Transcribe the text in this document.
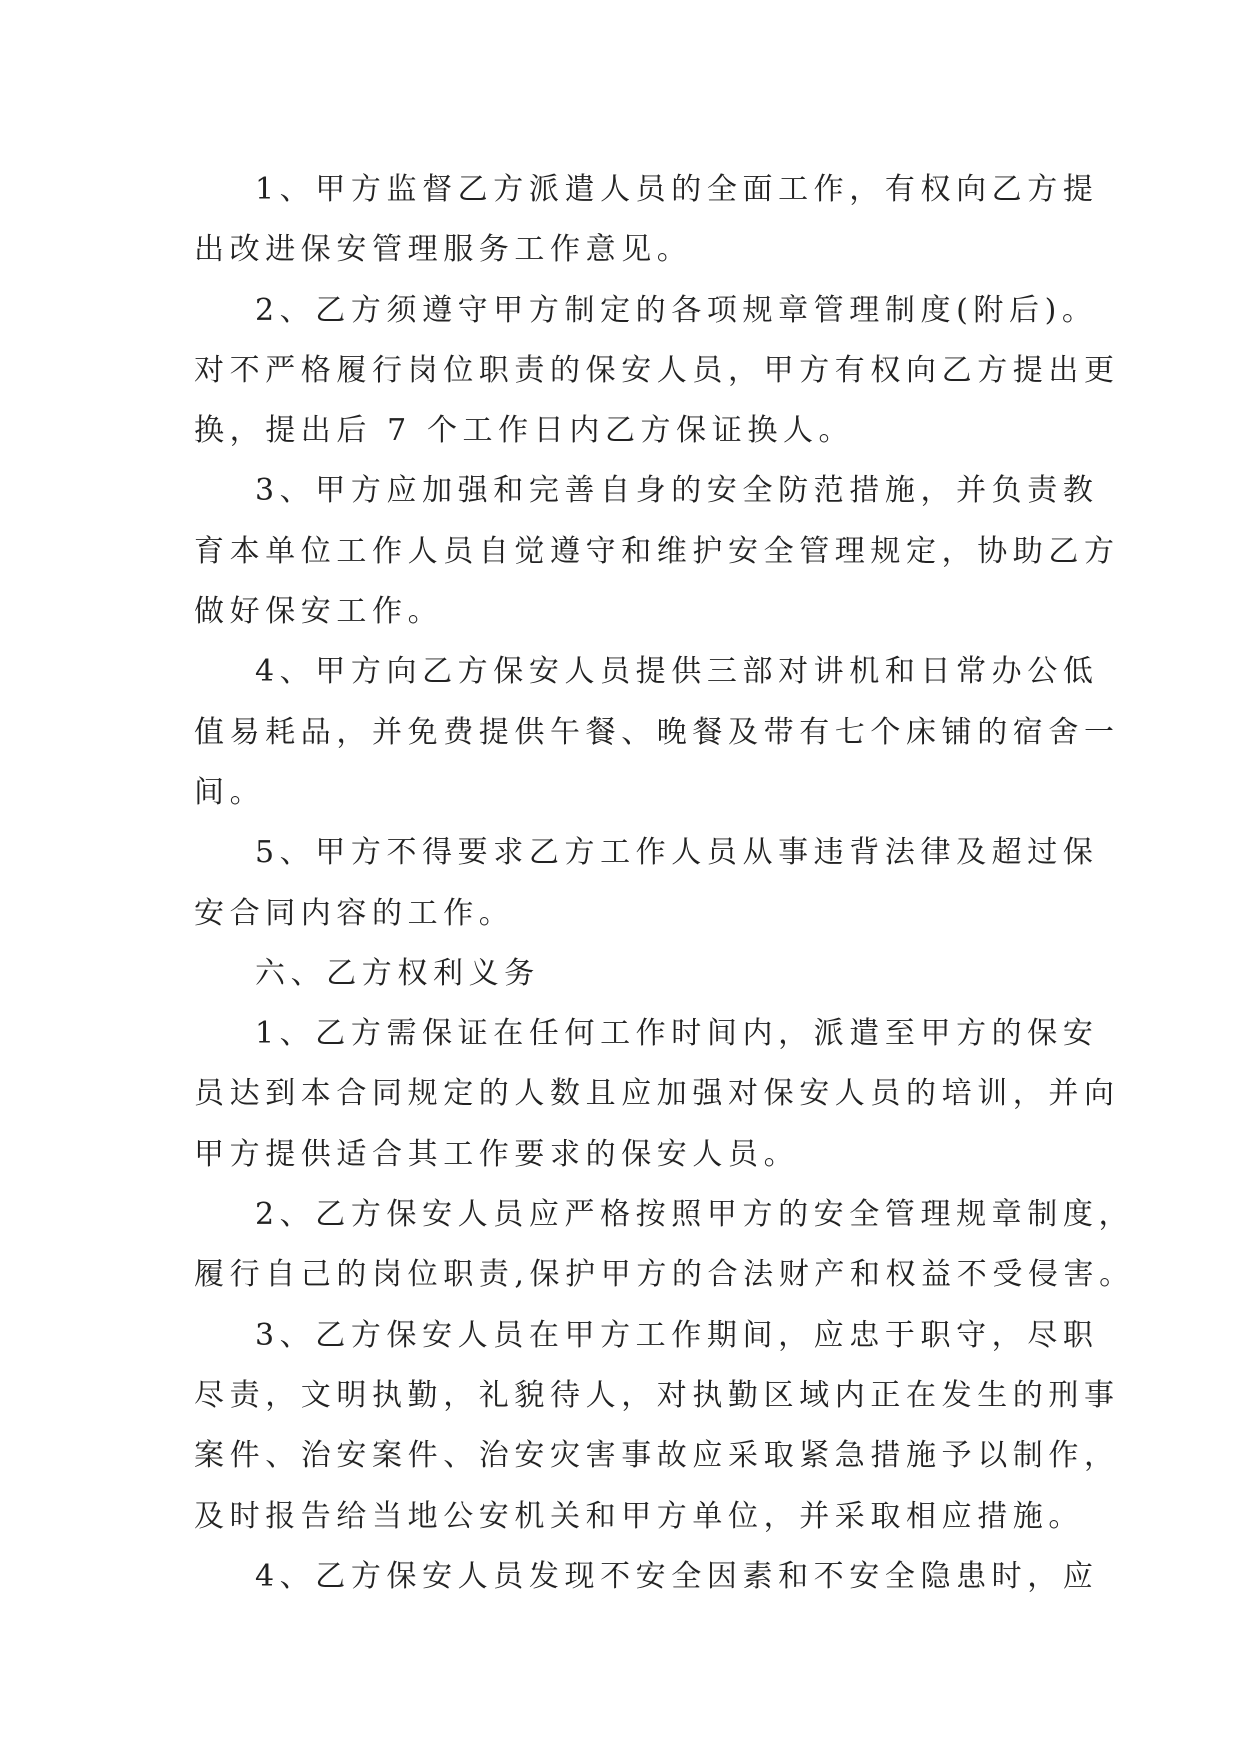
1、甲方监督乙方派遣人员的全面工作，有权向乙方提
出改进保安管理服务工作意见。
2、乙方须遵守甲方制定的各项规章管理制度(附后)。
对不严格履行岗位职责的保安人员，甲方有权向乙方提出更
换，提出后 7 个工作日内乙方保证换人。
3、甲方应加强和完善自身的安全防范措施，并负责教
育本单位工作人员自觉遵守和维护安全管理规定，协助乙方
做好保安工作。
4、甲方向乙方保安人员提供三部对讲机和日常办公低
值易耗品，并免费提供午餐、晚餐及带有七个床铺的宿舍一
间。
5、甲方不得要求乙方工作人员从事违背法律及超过保
安合同内容的工作。
六、乙方权利义务
1、乙方需保证在任何工作时间内，派遣至甲方的保安
员达到本合同规定的人数且应加强对保安人员的培训，并向
甲方提供适合其工作要求的保安人员。
2、乙方保安人员应严格按照甲方的安全管理规章制度，
履行自己的岗位职责,保护甲方的合法财产和权益不受侵害。
3、乙方保安人员在甲方工作期间，应忠于职守，尽职
尽责，文明执勤，礼貌待人，对执勤区域内正在发生的刑事
案件、治安案件、治安灾害事故应采取紧急措施予以制作，
及时报告给当地公安机关和甲方单位，并采取相应措施。
4、乙方保安人员发现不安全因素和不安全隐患时，应
